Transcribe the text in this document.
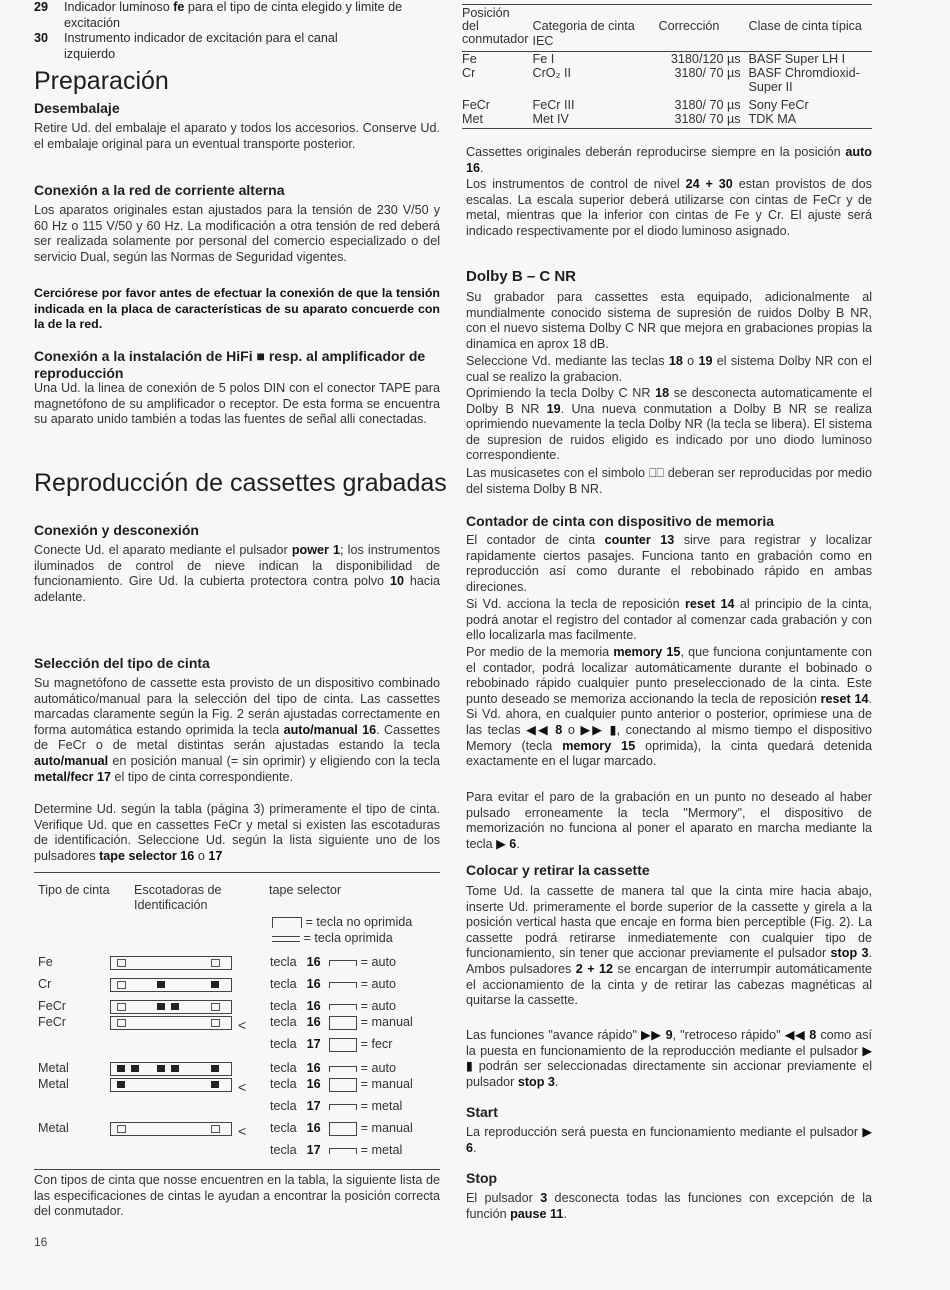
29	Indicador luminoso fe para el tipo de cinta elegido y limite de excitación
30	Instrumento indicador de excitación para el canal izquierdo
Preparación
Desembalaje

Retire Ud. del embalaje el aparato y todos los accesorios. Conserve Ud. el embalaje original para un eventual transporte posterior.

Conexión a la red de corriente alterna

Los aparatos originales estan ajustados para la tensión de 230 V/50 y 60 Hz o 115 V/50 y 60 Hz. La modificación a otra tensión de red deberá ser realizada solamente por personal del comercio especializado o del servicio Dual, según las Normas de Seguridad vigentes.

Cerciórese por favor antes de efectuar la conexión de que la tensión indicada en la placa de características de su aparato concuerde con la de la red.

Conexión a la instalación de HiFi ■ resp. al amplificador de reproducción

Una Ud. la linea de conexión de 5 polos DIN con el conector TAPE para magnetófono de su amplificador o receptor. De esta forma se encuentra su aparato unido también a todas las fuentes de señal alli conectadas.

Reproducción de cassettes grabadas
Conexión y desconexión

Conecte Ud. el aparato mediante el pulsador power 1; los instrumentos iluminados de control de nieve indican la disponibilidad de funcionamiento. Gire Ud. la cubierta protectora contra polvo 10 hacia adelante.

Selección del tipo de cinta

Su magnetófono de cassette esta provisto de un dispositivo combinado automático/manual para la selección del tipo de cinta. Las cassettes marcadas claramente según la Fig. 2 serán ajustadas correctamente en forma automática estando oprimida la tecla auto/manual 16. Cassettes de FeCr o de metal distintas serán ajustadas estando la tecla auto/manual en posición manual (= sin oprimir) y eligiendo con la tecla metal/fecr 17 el tipo de cinta correspondiente.

Determine Ud. según la tabla (página 3) primeramente el tipo de cinta. Verifique Ud. que en cassettes FeCr y metal si existen las escotaduras de identificación. Seleccione Ud. según la lista siguiente uno de los pulsadores tape selector 16 o 17

Tipo de cinta Escotadoras de Identificación
tape selector
= tecla no oprimida
= tecla oprimida
Fe	tecla 16	= auto
Cr	tecla 16	= auto
FeCr	tecla 16	= auto
FeCr	< tecla 16	= manual
tecla 17	= fecr
Metal	tecla 16	= auto
Metal	< tecla 16	= manual
tecla 17	= metal
Metal	< tecla 16	= manual
tecla 17	= metal

Con tipos de cinta que nosse encuentren en la tabla, la siguiente lista de las especificaciones de cintas le ayudan a encontrar la posición correcta del conmutador.

16
Posición del conmutador	Categoria de cinta IEC	Corrección	Clase de cinta típica
Fe	Fe I	3180/120 µs	BASF Super LH I
Cr	CrO₂ II	3180/ 70 µs	BASF Chromdioxid-Super II
FeCr	FeCr III	3180/ 70 µs	Sony FeCr
Met	Met IV	3180/ 70 µs	TDK MA

Cassettes originales deberán reproducirse siempre en la posición auto 16.

Los instrumentos de control de nivel 24 + 30 estan provistos de dos escalas. La escala superior deberá utilizarse con cintas de FeCr y de metal, mientras que la inferior con cintas de Fe y Cr. El ajuste será indicado respectivamente por el diodo luminoso asignado.

Dolby B – C NR

Su grabador para cassettes esta equipado, adicionalmente al mundialmente conocido sistema de supresión de ruidos Dolby B NR, con el nuevo sistema Dolby C NR que mejora en grabaciones propias la dinamica en aprox 18 dB.

Seleccione Vd. mediante las teclas 18 o 19 el sistema Dolby NR con el cual se realizo la grabacion.

Oprimiendo la tecla Dolby C NR 18 se desconecta automaticamente el Dolby B NR 19. Una nueva conmutation a Dolby B NR se realiza oprimiendo nuevamente la tecla Dolby NR (la tecla se libera). El sistema de supresion de ruidos eligido es indicado por uno diodo luminoso correspondiente.

Las musicasetes con el simbolo ⎕⎕ deberan ser reproducidas por medio del sistema Dolby B NR.

Contador de cinta con dispositivo de memoria

El contador de cinta counter 13 sirve para registrar y localizar rapidamente ciertos pasajes. Funciona tanto en grabación como en reproducción así como durante el rebobinado rápido en ambas direciones.

Si Vd. acciona la tecla de reposición reset 14 al principio de la cinta, podrá anotar el registro del contador al comenzar cada grabación y con ello localizarla mas facilmente.

Por medio de la memoria memory 15, que funciona conjuntamente con el contador, podrá localizar automáticamente durante el bobinado o rebobinado rápido cualquier punto preseleccionado de la cinta. Este punto deseado se memoriza accionando la tecla de reposición reset 14. Si Vd. ahora, en cualquier punto anterior o posterior, oprimiese una de las teclas ◀◀ 8 o ▶▶ ▮, conectando al mismo tiempo el dispositivo Memory (tecla memory 15 oprimida), la cinta quedará detenida exactamente en el lugar marcado.

Para evitar el paro de la grabación en un punto no deseado al haber pulsado erroneamente la tecla "Mermory", el dispositivo de memorización no funciona al poner el aparato en marcha mediante la tecla ▶ 6.

Colocar y retirar la cassette

Tome Ud. la cassette de manera tal que la cinta mire hacia abajo, inserte Ud. primeramente el borde superior de la cassette y girela a la posición vertical hasta que encaje en forma bien perceptible (Fig. 2). La cassette podrá retirarse inmediatemente con cualquier tipo de funcionamiento, sin tener que accionar previamente el pulsador stop 3. Ambos pulsadores 2 + 12 se encargan de interrumpir automáticamente el accionamiento de la cinta y de retirar las cabezas magnéticas al quitarse la cassette.

Las funciones "avance rápido" ▶▶ 9, "retroceso rápido" ◀◀ 8 como así la puesta en funcionamiento de la reproducción mediante el pulsador ▶ ▮ podrán ser seleccionadas directamente sin accionar previamente el pulsador stop 3.

Start

La reproducción será puesta en funcionamiento mediante el pulsador ▶ 6.

Stop

El pulsador 3 desconecta todas las funciones con excepción de la función pause 11.
